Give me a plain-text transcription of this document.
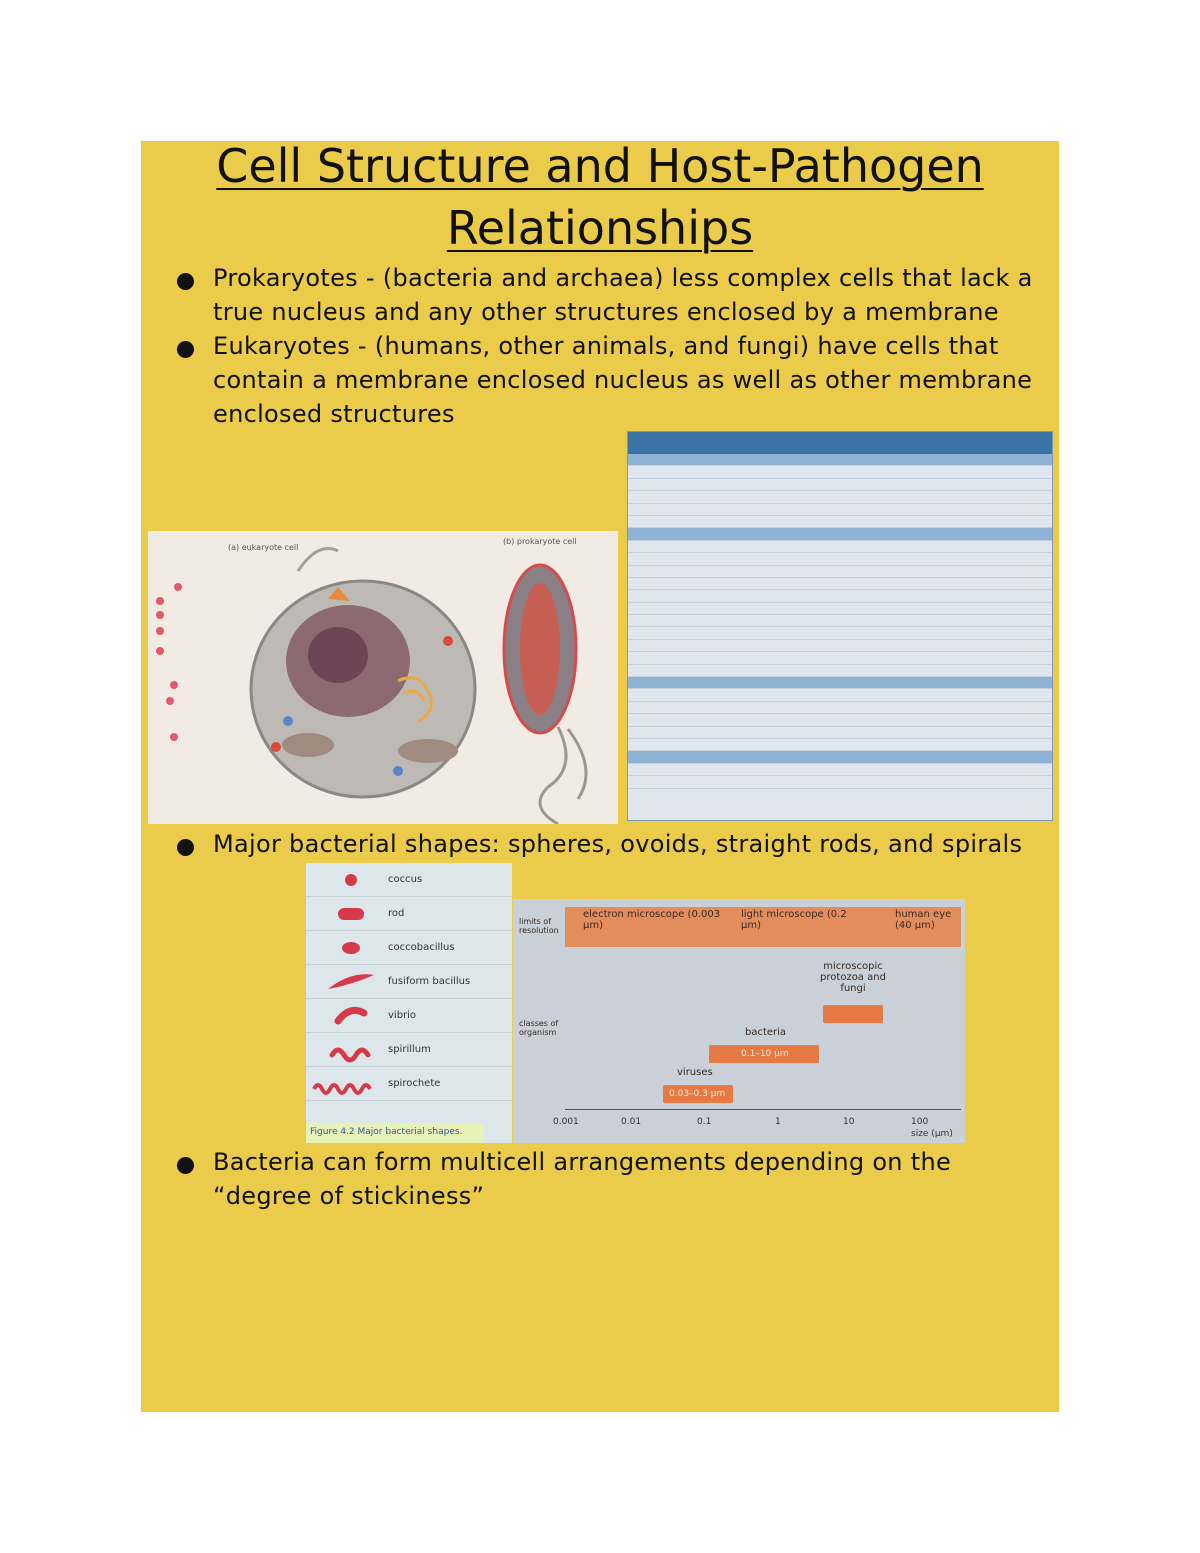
Cell Structure and Host-Pathogen
Relationships
Prokaryotes - (bacteria and archaea) less complex cells that lack a true nucleus and any other structures enclosed by a membrane
Eukaryotes - (humans, other animals, and fungi) have cells that contain a membrane enclosed nucleus as well as other membrane enclosed structures
(a) eukaryote cell
(b) prokaryote cell
Major bacterial shapes: spheres, ovoids, straight rods, and spirals
coccus
rod
coccobacillus
fusiform bacillus
vibrio
spirillum
spirochete
Figure 4.2 Major bacterial shapes.
limits of resolution
electron microscope (0.003 μm)
light microscope (0.2 μm)
human eye (40 μm)
classes of organism
microscopic protozoa and fungi
bacteria
0.1–10 μm
viruses
0.03–0.3 μm
0.001	0.01	0.1	1	10	100
size (μm)
Bacteria can form multicell arrangements depending on the “degree of stickiness”
